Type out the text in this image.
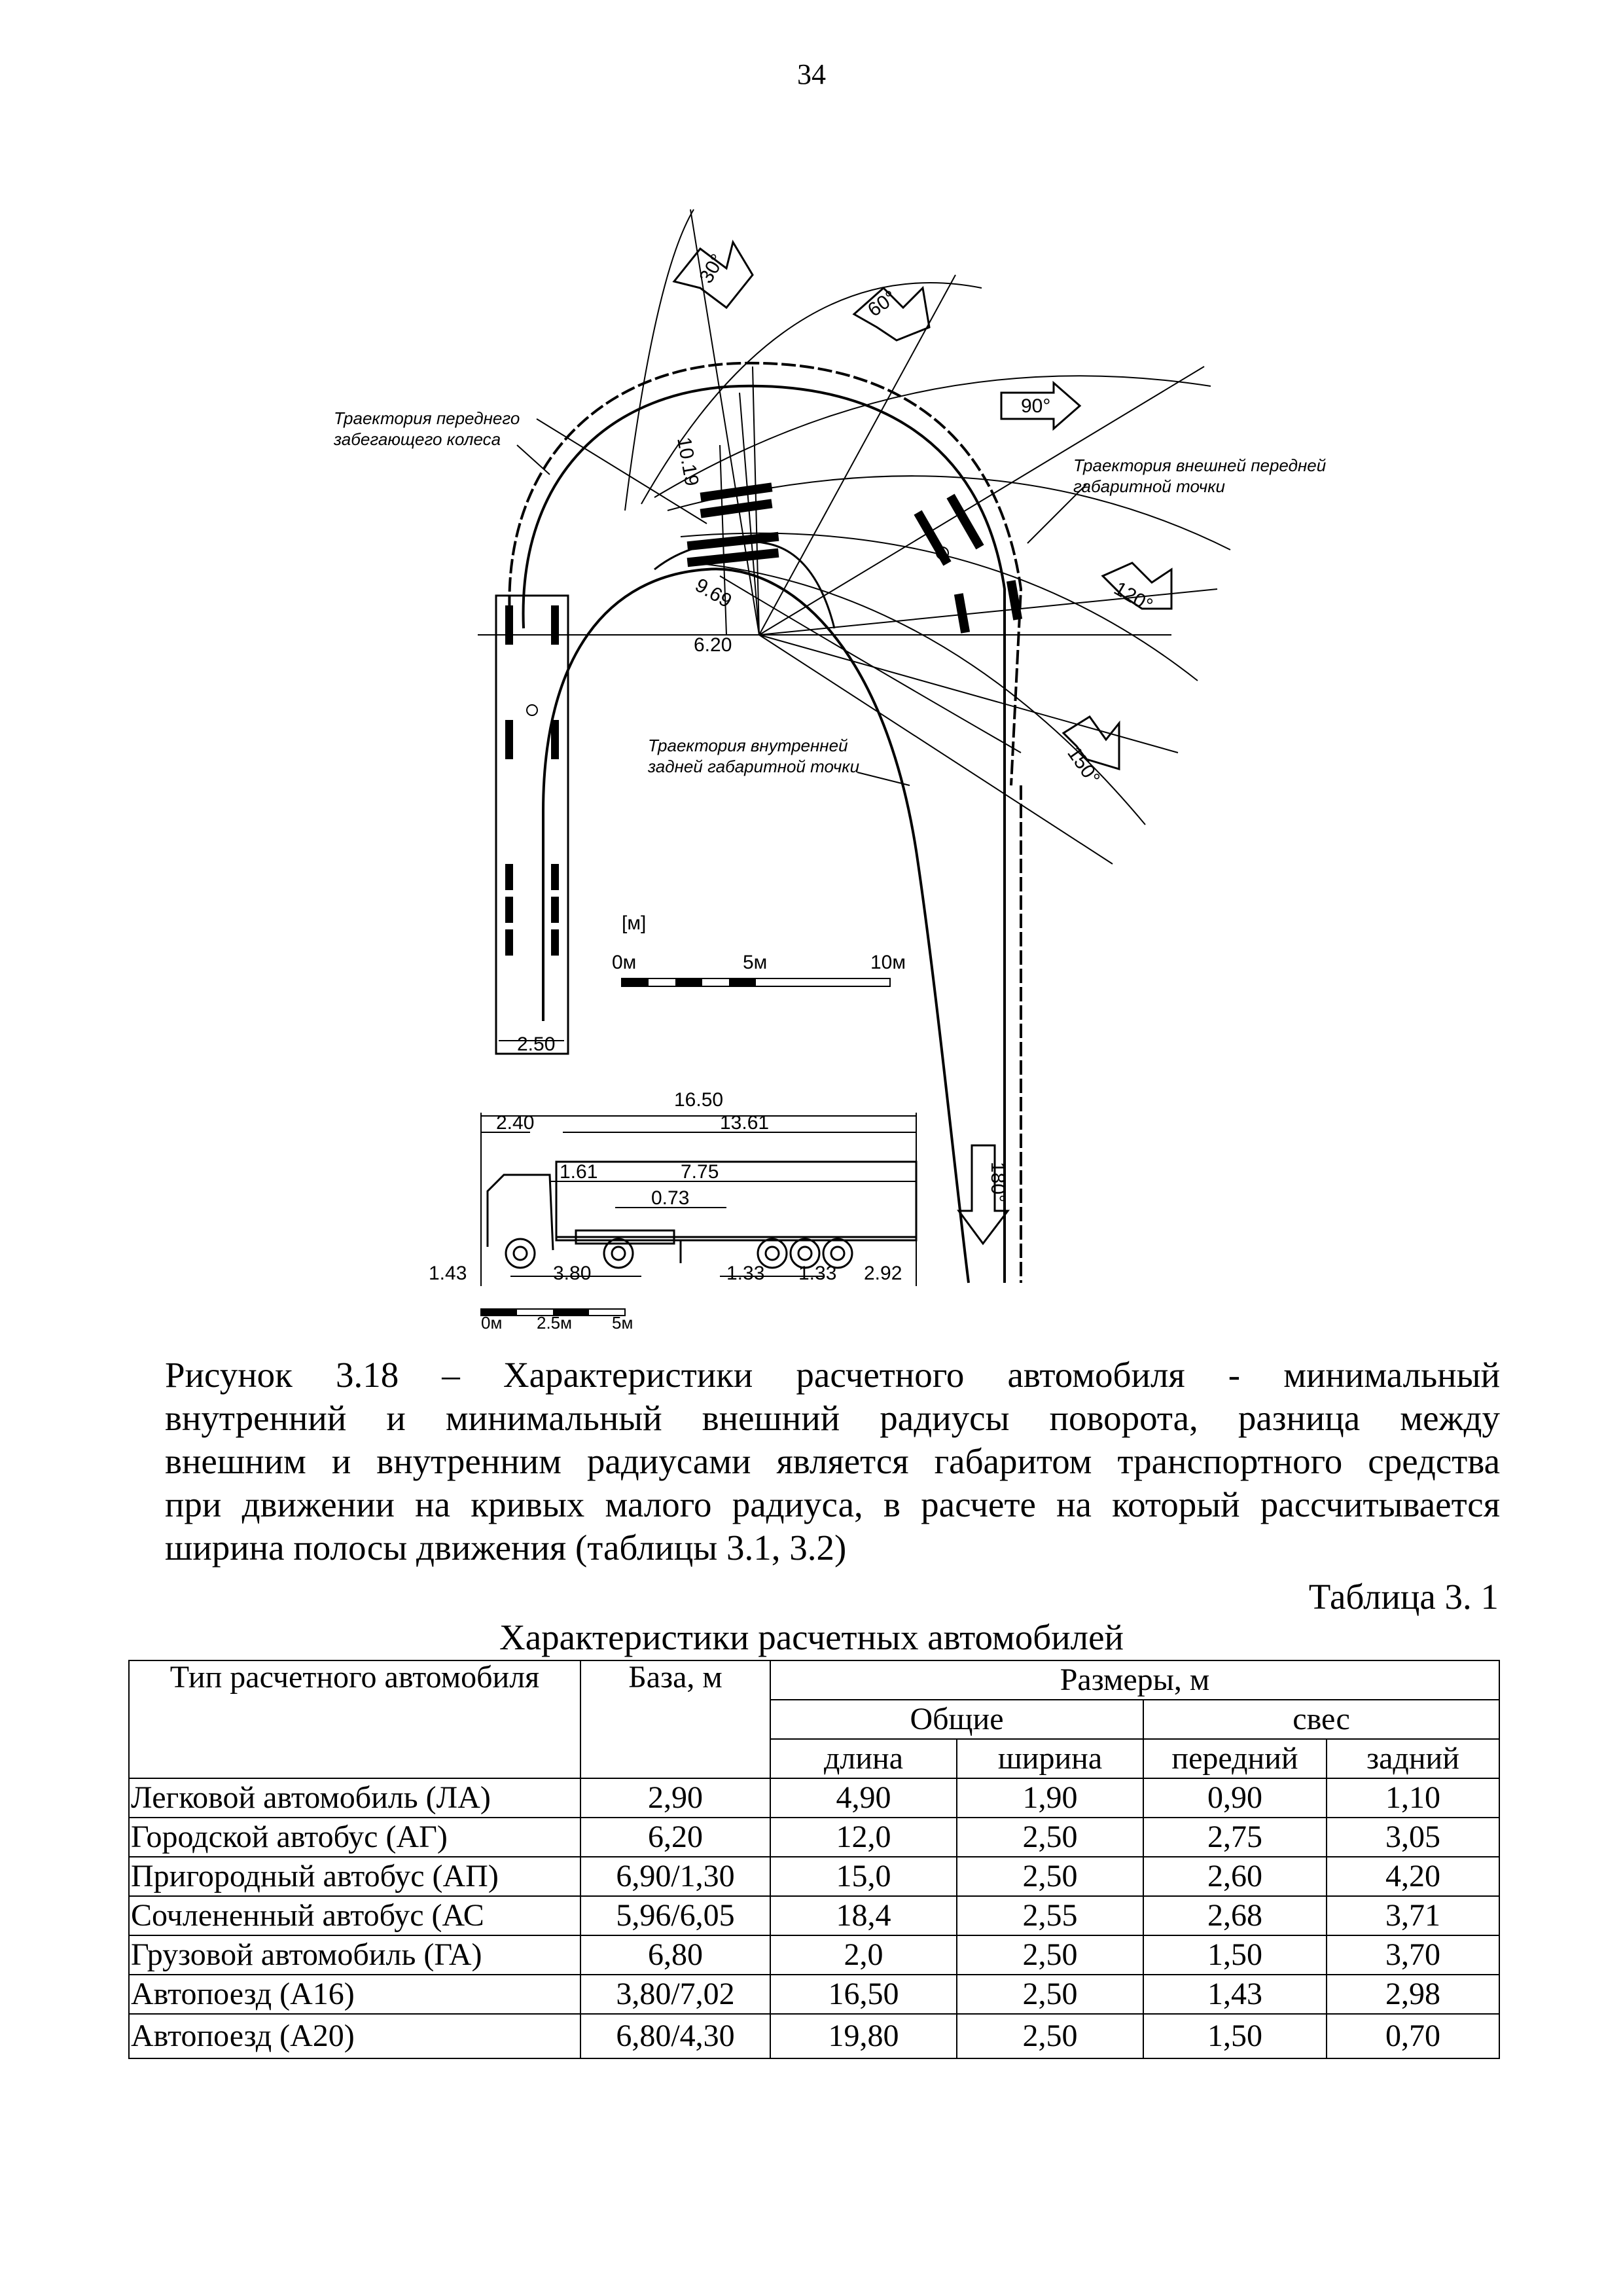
34
Траектория переднего
забегающего колеса
Траектория внешней передней
габаритной точки
Траектория внутренней
задней габаритной точки
30°
60°
90°
120°
150°
180°
10.19
9.69
6.20
2.50
[м]
0м	5м	10м
16.50
2.40	13.61
1.61	7.75
0.73
1.43	3.80	1.33 1.33 2.92
0м 2.5м 5м
Рисунок 3.18 – Характеристики расчетного автомобиля - минимальный
внутренний и минимальный внешний радиусы поворота, разница между
внешним и внутренним радиусами является габаритом транспортного средства
при движении на кривых малого радиуса, в расчете на который рассчитывается
ширина полосы движения (таблицы 3.1, 3.2)
Таблица 3. 1
Характеристики расчетных автомобилей
Тип расчетного автомобиля	База, м	Размеры, м			
		Общие		свес	
		длина	ширина	передний	задний
Легковой автомобиль (ЛА)	2,90	4,90	1,90	0,90	1,10
Городской автобус (АГ)	6,20	12,0	2,50	2,75	3,05
Пригородный автобус (АП)	6,90/1,30	15,0	2,50	2,60	4,20
Сочлененный автобус (АС	5,96/6,05	18,4	2,55	2,68	3,71
Грузовой автомобиль (ГА)	6,80	2,0	2,50	1,50	3,70
Автопоезд (А16)	3,80/7,02	16,50	2,50	1,43	2,98
Автопоезд (А20)	6,80/4,30	19,80	2,50	1,50	0,70
